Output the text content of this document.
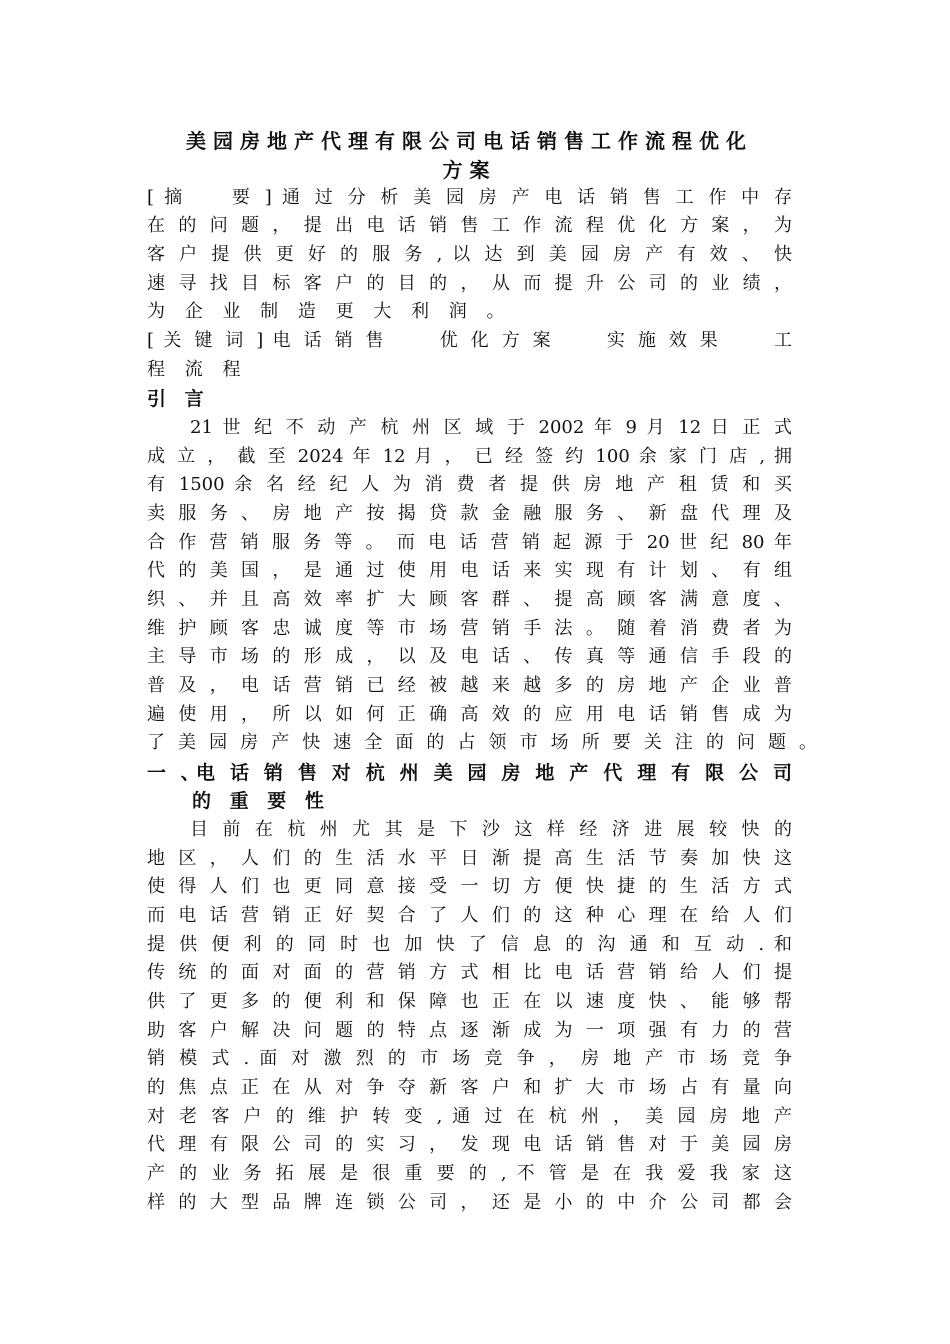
美园房地产代理有限公司电话销售工作流程优化
方案
[ 摘　　要 ] 通 过 分 析 美 园 房 产 电 话 销 售 工 作 中 存
在 的 问 题 ， 提 出 电 话 销 售 工 作 流 程 优 化 方 案 ， 为
客 户 提 供 更 好 的 服 务 , 以 达 到 美 园 房 产 有 效 、 快
速 寻 找 目 标 客 户 的 目 的 ， 从 而 提 升 公 司 的 业 绩 ，
为 企 业 制 造 更 大 利 润 。
[ 关 键 词 ] 电 话 销 售　　 优 化 方 案　　 实 施 效 果　　 工
程 流 程
引 言
21 世 纪 不 动 产 杭 州 区 域 于 2002 年 9 月 12 日 正 式
成 立 ， 截 至 2024 年 12 月 ， 已 经 签 约 100 余 家 门 店 , 拥
有 1500 余 名 经 纪 人 为 消 费 者 提 供 房 地 产 租 赁 和 买
卖 服 务 、 房 地 产 按 揭 贷 款 金 融 服 务 、 新 盘 代 理 及
合 作 营 销 服 务 等 。 而 电 话 营 销 起 源 于 20 世 纪 80 年
代 的 美 国 ， 是 通 过 使 用 电 话 来 实 现 有 计 划 、 有 组
织 、 并 且 高 效 率 扩 大 顾 客 群 、 提 高 顾 客 满 意 度 、
维 护 顾 客 忠 诚 度 等 市 场 营 销 手 法 。 随 着 消 费 者 为
主 导 市 场 的 形 成 ， 以 及 电 话 、 传 真 等 通 信 手 段 的
普 及 ， 电 话 营 销 已 经 被 越 来 越 多 的 房 地 产 企 业 普
遍 使 用 ， 所 以 如 何 正 确 高 效 的 应 用 电 话 销 售 成 为
了 美 园 房 产 快 速 全 面 的 占 领 市 场 所 要 关 注 的 问 题 。
一 、
电 话 销 售 对 杭 州 美 园 房 地 产 代 理 有 限 公 司
的 重 要 性
目 前 在 杭 州 尤 其 是 下 沙 这 样 经 济 进 展 较 快 的
地 区 ， 人 们 的 生 活 水 平 日 渐 提 高 生 活 节 奏 加 快 这
使 得 人 们 也 更 同 意 接 受 一 切 方 便 快 捷 的 生 活 方 式
而 电 话 营 销 正 好 契 合 了 人 们 的 这 种 心 理 在 给 人 们
提 供 便 利 的 同 时 也 加 快 了 信 息 的 沟 通 和 互 动 . 和
传 统 的 面 对 面 的 营 销 方 式 相 比 电 话 营 销 给 人 们 提
供 了 更 多 的 便 利 和 保 障 也 正 在 以 速 度 快 、 能 够 帮
助 客 户 解 决 问 题 的 特 点 逐 渐 成 为 一 项 强 有 力 的 营
销 模 式 . 面 对 激 烈 的 市 场 竞 争 ， 房 地 产 市 场 竞 争
的 焦 点 正 在 从 对 争 夺 新 客 户 和 扩 大 市 场 占 有 量 向
对 老 客 户 的 维 护 转 变 , 通 过 在 杭 州 ， 美 园 房 地 产
代 理 有 限 公 司 的 实 习 ， 发 现 电 话 销 售 对 于 美 园 房
产 的 业 务 拓 展 是 很 重 要 的 , 不 管 是 在 我 爱 我 家 这
样 的 大 型 品 牌 连 锁 公 司 ， 还 是 小 的 中 介 公 司 都 会
